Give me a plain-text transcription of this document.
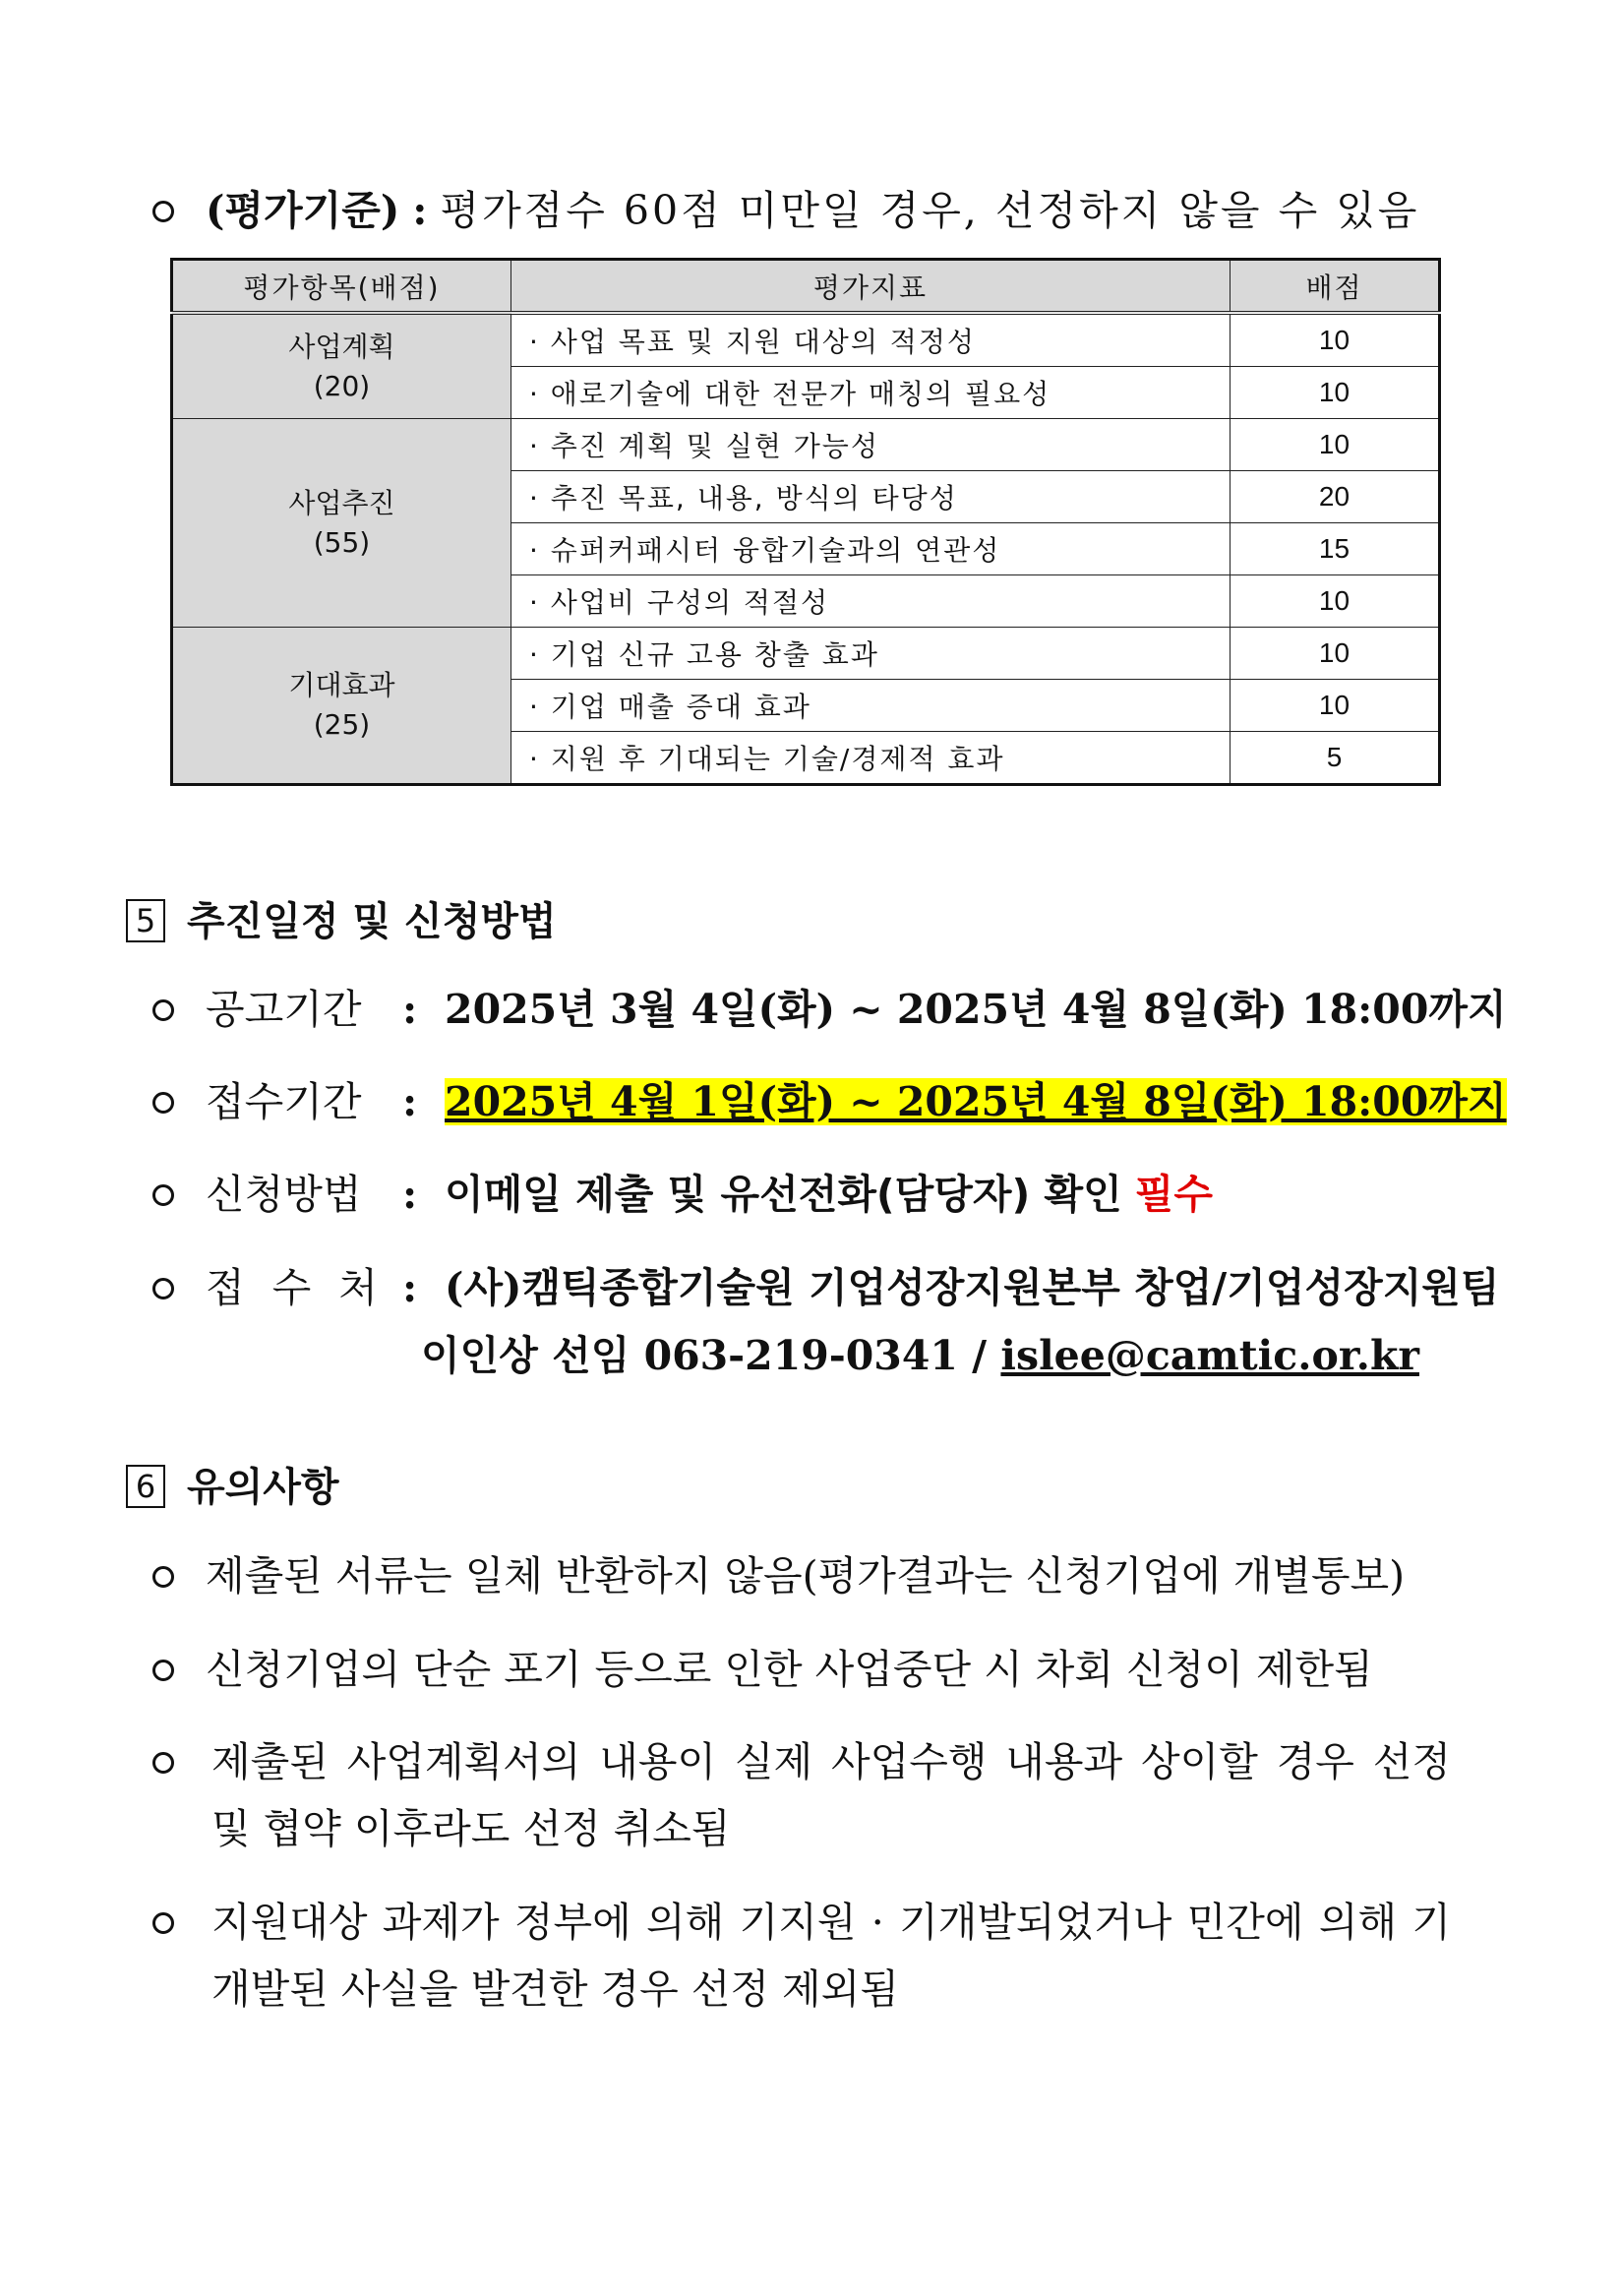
(평가기준) : 평가점수 60점 미만일 경우, 선정하지 않을 수 있음
평가항목(배점)	평가지표	배점
사업계획
(20)	· 사업 목표 및 지원 대상의 적정성	10
	· 애로기술에 대한 전문가 매칭의 필요성	10
사업추진
(55)	· 추진 계획 및 실현 가능성	10
	· 추진 목표, 내용, 방식의 타당성	20
	· 슈퍼커패시터 융합기술과의 연관성	15
	· 사업비 구성의 적절성	10
기대효과
(25)	· 기업 신규 고용 창출 효과	10
	· 기업 매출 증대 효과	10
	· 지원 후 기대되는 기술/경제적 효과	5
5 추진일정 및 신청방법
공고기간 : 2025년 3월 4일(화) ~ 2025년 4월 8일(화) 18:00까지
접수기간 : 2025년 4월 1일(화) ~ 2025년 4월 8일(화) 18:00까지
신청방법 : 이메일 제출 및 유선전화(담당자) 확인 필수
접수처: (사)캠틱종합기술원 기업성장지원본부 창업/기업성장지원팀
이인상 선임 063-219-0341 / islee@camtic.or.kr
6 유의사항
제출된 서류는 일체 반환하지 않음(평가결과는 신청기업에 개별통보)
신청기업의 단순 포기 등으로 인한 사업중단 시 차회 신청이 제한됨
제출된 사업계획서의 내용이 실제 사업수행 내용과 상이할 경우 선정 및 협약 이후라도 선정 취소됨
지원대상 과제가 정부에 의해 기지원 · 기개발되었거나 민간에 의해 기개발된 사실을 발견한 경우 선정 제외됨
